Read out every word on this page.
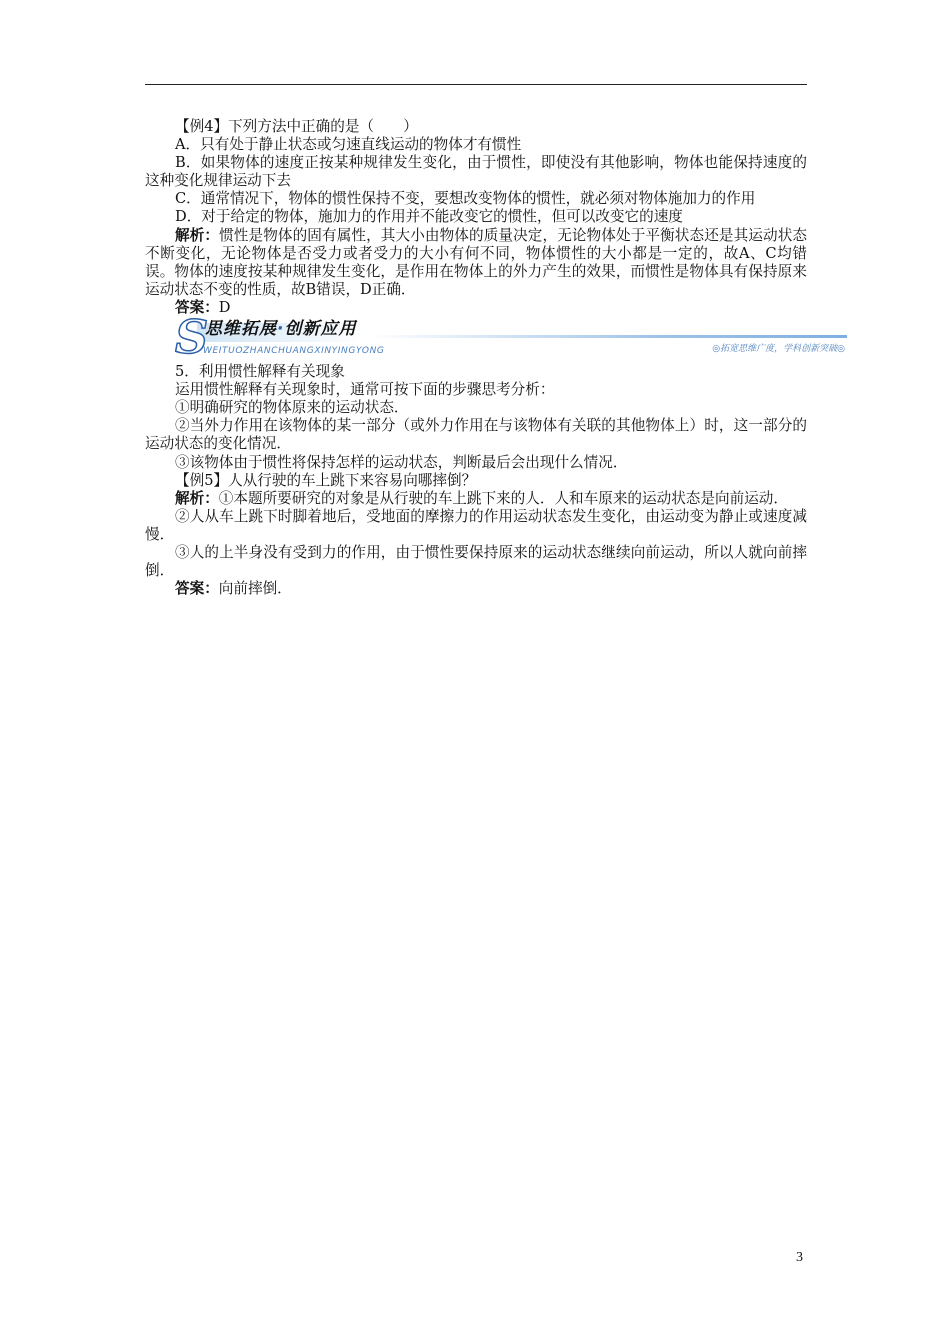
【例4】下列方法中正确的是（　　）

A．只有处于静止状态或匀速直线运动的物体才有惯性

B．如果物体的速度正按某种规律发生变化，由于惯性，即使没有其他影响，物体也能保持速度的这种变化规律运动下去

C．通常情况下，物体的惯性保持不变，要想改变物体的惯性，就必须对物体施加力的作用

D．对于给定的物体，施加力的作用并不能改变它的惯性，但可以改变它的速度

解析：惯性是物体的固有属性，其大小由物体的质量决定，无论物体处于平衡状态还是其运动状态不断变化，无论物体是否受力或者受力的大小有何不同，物体惯性的大小都是一定的，故A、C均错误。物体的速度按某种规律发生变化，是作用在物体上的外力产生的效果，而惯性是物体具有保持原来运动状态不变的性质，故B错误，D正确．

答案：D

S
思维拓展·创新应用
WEITUOZHANCHUANGXINYINGYONG	◎拓宽思维广度，学科创新突破◎

5．利用惯性解释有关现象

运用惯性解释有关现象时，通常可按下面的步骤思考分析：

①明确研究的物体原来的运动状态．

②当外力作用在该物体的某一部分（或外力作用在与该物体有关联的其他物体上）时，这一部分的运动状态的变化情况．

③该物体由于惯性将保持怎样的运动状态，判断最后会出现什么情况．

【例5】人从行驶的车上跳下来容易向哪摔倒？

解析：①本题所要研究的对象是从行驶的车上跳下来的人．人和车原来的运动状态是向前运动．

②人从车上跳下时脚着地后，受地面的摩擦力的作用运动状态发生变化，由运动变为静止或速度减慢．

③人的上半身没有受到力的作用，由于惯性要保持原来的运动状态继续向前运动，所以人就向前摔倒．

答案：向前摔倒．

3
